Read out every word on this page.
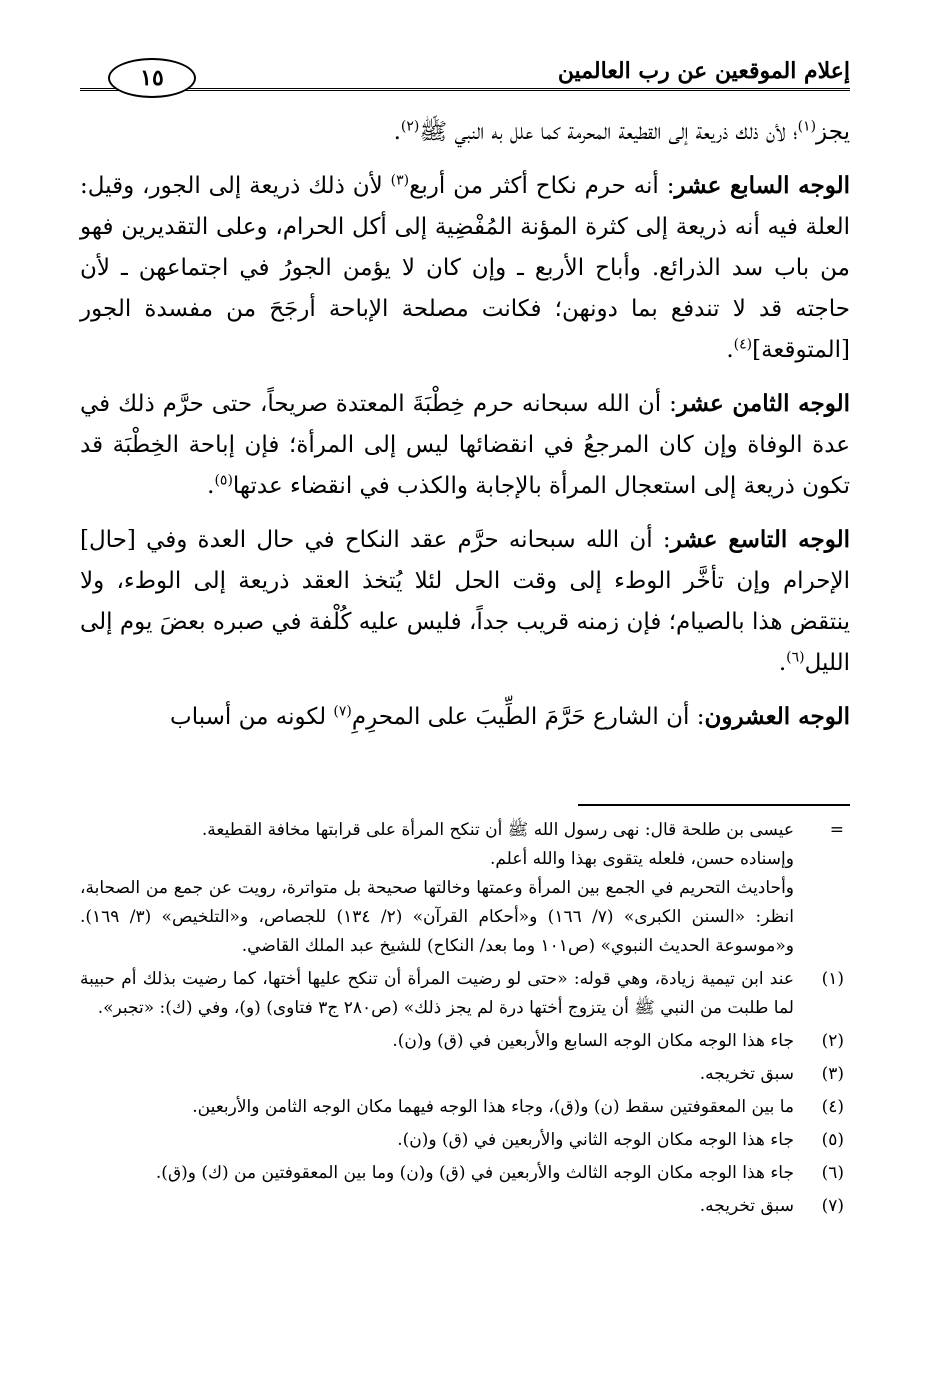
إعلام الموقعين عن رب العالمين
١٥

يجز$^{(١)}$؛ لأن ذلك ذريعة إلى القطيعة المحرمة كما علل به النبي ﷺ$^{(٢)}$.

الوجه السابع عشر: أنه حرم نكاح أكثر من أربع$^{(٣)}$ لأن ذلك ذريعة إلى الجور، وقيل: العلة فيه أنه ذريعة إلى كثرة المؤنة المُفْضِية إلى أكل الحرام، وعلى التقديرين فهو من باب سد الذرائع. وأباح الأربع ـ وإن كان لا يؤمن الجورُ في اجتماعهن ـ لأن حاجته قد لا تندفع بما دونهن؛ فكانت مصلحة الإباحة أرجَحَ من مفسدة الجور [المتوقعة]$^{(٤)}$.

الوجه الثامن عشر: أن الله سبحانه حرم خِطْبَةَ المعتدة صريحاً، حتى حرَّم ذلك في عدة الوفاة وإن كان المرجعُ في انقضائها ليس إلى المرأة؛ فإن إباحة الخِطْبَة قد تكون ذريعة إلى استعجال المرأة بالإجابة والكذب في انقضاء عدتها$^{(٥)}$.

الوجه التاسع عشر: أن الله سبحانه حرَّم عقد النكاح في حال العدة وفي [حال] الإحرام وإن تأخَّر الوطء إلى وقت الحل لئلا يُتخذ العقد ذريعة إلى الوطء، ولا ينتقض هذا بالصيام؛ فإن زمنه قريب جداً، فليس عليه كُلْفة في صبره بعضَ يوم إلى الليل$^{(٦)}$.

الوجه العشرون: أن الشارع حَرَّمَ الطِّيبَ على المحرِمِ$^{(٧)}$ لكونه من أسباب

=

عيسى بن طلحة قال: نهى رسول الله ﷺ أن تنكح المرأة على قرابتها مخافة القطيعة.

وإسناده حسن، فلعله يتقوى بهذا والله أعلم.

وأحاديث التحريم في الجمع بين المرأة وعمتها وخالتها صحيحة بل متواترة، رويت عن جمع من الصحابة، انظر: «السنن الكبرى» (٧/ ١٦٦) و«أحكام القرآن» (٢/ ١٣٤) للجصاص، و«التلخيص» (٣/ ١٦٩). و«موسوعة الحديث النبوي» (ص١٠١ وما بعد/ النكاح) للشيخ عبد الملك القاضي.

(١)

عند ابن تيمية زيادة، وهي قوله: «حتى لو رضيت المرأة أن تنكح عليها أختها، كما رضيت بذلك أم حبيبة لما طلبت من النبي ﷺ أن يتزوج أختها درة لم يجز ذلك» (ص٢٨٠ ج٣ فتاوى) (و)، وفي (ك): «تجبر».

(٢)

جاء هذا الوجه مكان الوجه السابع والأربعين في (ق) و(ن).

(٣)

سبق تخريجه.

(٤)

ما بين المعقوفتين سقط (ن) و(ق)، وجاء هذا الوجه فيهما مكان الوجه الثامن والأربعين.

(٥)

جاء هذا الوجه مكان الوجه الثاني والأربعين في (ق) و(ن).

(٦)

جاء هذا الوجه مكان الوجه الثالث والأربعين في (ق) و(ن) وما بين المعقوفتين من (ك) و(ق).

(٧)

سبق تخريجه.
